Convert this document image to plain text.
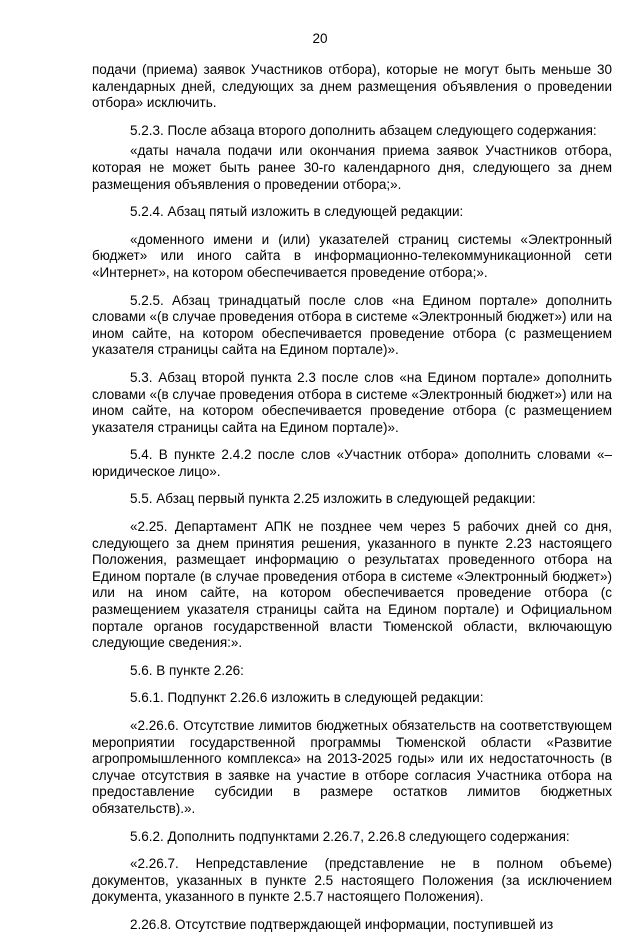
20

подачи (приема) заявок Участников отбора), которые не могут быть меньше 30 календарных дней, следующих за днем размещения объявления о проведении отбора» исключить.

5.2.3. После абзаца второго дополнить абзацем следующего содержания:

«даты начала подачи или окончания приема заявок Участников отбора, которая не может быть ранее 30-го календарного дня, следующего за днем размещения объявления о проведении отбора;».

5.2.4. Абзац пятый изложить в следующей редакции:

«доменного имени и (или) указателей страниц системы «Электронный бюджет» или иного сайта в информационно-телекоммуникационной сети «Интернет», на котором обеспечивается проведение отбора;».

5.2.5. Абзац тринадцатый после слов «на Едином портале» дополнить словами «(в случае проведения отбора в системе «Электронный бюджет») или на ином сайте, на котором обеспечивается проведение отбора (с размещением указателя страницы сайта на Едином портале)».

5.3. Абзац второй пункта 2.3 после слов «на Едином портале» дополнить словами «(в случае проведения отбора в системе «Электронный бюджет») или на ином сайте, на котором обеспечивается проведение отбора (с размещением указателя страницы сайта на Едином портале)».

5.4. В пункте 2.4.2 после слов «Участник отбора» дополнить словами «– юридическое лицо».

5.5. Абзац первый пункта 2.25 изложить в следующей редакции:

«2.25. Департамент АПК не позднее чем через 5 рабочих дней со дня, следующего за днем принятия решения, указанного в пункте 2.23 настоящего Положения, размещает информацию о результатах проведенного отбора на Едином портале (в случае проведения отбора в системе «Электронный бюджет») или на ином сайте, на котором обеспечивается проведение отбора (с размещением указателя страницы сайта на Едином портале) и Официальном портале органов государственной власти Тюменской области, включающую следующие сведения:».

5.6. В пункте 2.26:

5.6.1. Подпункт 2.26.6 изложить в следующей редакции:

«2.26.6. Отсутствие лимитов бюджетных обязательств на соответствующем мероприятии государственной программы Тюменской области «Развитие агропромышленного комплекса» на 2013-2025 годы» или их недостаточность (в случае отсутствия в заявке на участие в отборе согласия Участника отбора на предоставление субсидии в размере остатков лимитов бюджетных обязательств).».

5.6.2. Дополнить подпунктами 2.26.7, 2.26.8 следующего содержания:

«2.26.7. Непредставление (представление не в полном объеме) документов, указанных в пункте 2.5 настоящего Положения (за исключением документа, указанного в пункте 2.5.7 настоящего Положения).

2.26.8. Отсутствие подтверждающей информации, поступившей из
